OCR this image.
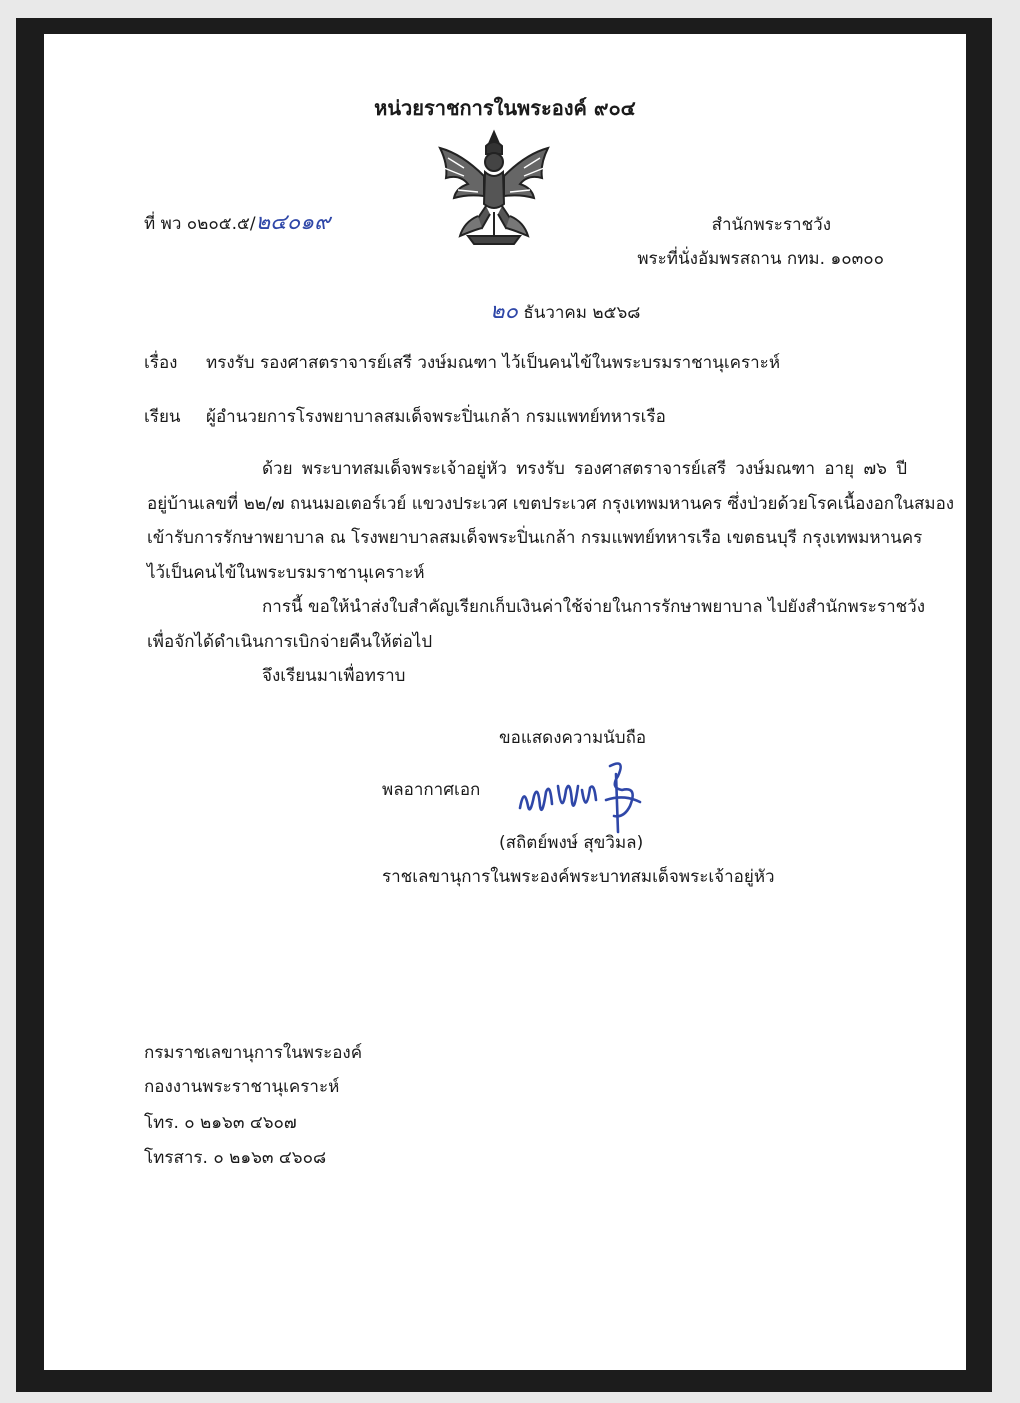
หน่วยราชการในพระองค์ ๙๐๔
ที่ พว ๐๒๐๕.๕/๒๔๐๑๙	สำนักพระราชวัง
พระที่นั่งอัมพรสถาน กทม. ๑๐๓๐๐
๒๐ ธันวาคม ๒๕๖๘
เรื่อง ทรงรับ รองศาสตราจารย์เสรี วงษ์มณฑา ไว้เป็นคนไข้ในพระบรมราชานุเคราะห์
เรียน ผู้อำนวยการโรงพยาบาลสมเด็จพระปิ่นเกล้า กรมแพทย์ทหารเรือ
ด้วย พระบาทสมเด็จพระเจ้าอยู่หัว ทรงรับ รองศาสตราจารย์เสรี วงษ์มณฑา อายุ ๗๖ ปี
อยู่บ้านเลขที่ ๒๒/๗ ถนนมอเตอร์เวย์ แขวงประเวศ เขตประเวศ กรุงเทพมหานคร ซึ่งป่วยด้วยโรคเนื้องอกในสมอง
เข้ารับการรักษาพยาบาล ณ โรงพยาบาลสมเด็จพระปิ่นเกล้า กรมแพทย์ทหารเรือ เขตธนบุรี กรุงเทพมหานคร
ไว้เป็นคนไข้ในพระบรมราชานุเคราะห์
การนี้ ขอให้นำส่งใบสำคัญเรียกเก็บเงินค่าใช้จ่ายในการรักษาพยาบาล ไปยังสำนักพระราชวัง
เพื่อจักได้ดำเนินการเบิกจ่ายคืนให้ต่อไป
จึงเรียนมาเพื่อทราบ
ขอแสดงความนับถือ
พลอากาศเอก
(สถิตย์พงษ์ สุขวิมล)
ราชเลขานุการในพระองค์พระบาทสมเด็จพระเจ้าอยู่หัว
กรมราชเลขานุการในพระองค์
กองงานพระราชานุเคราะห์
โทร. ๐ ๒๑๖๓ ๔๖๐๗
โทรสาร. ๐ ๒๑๖๓ ๔๖๐๘
